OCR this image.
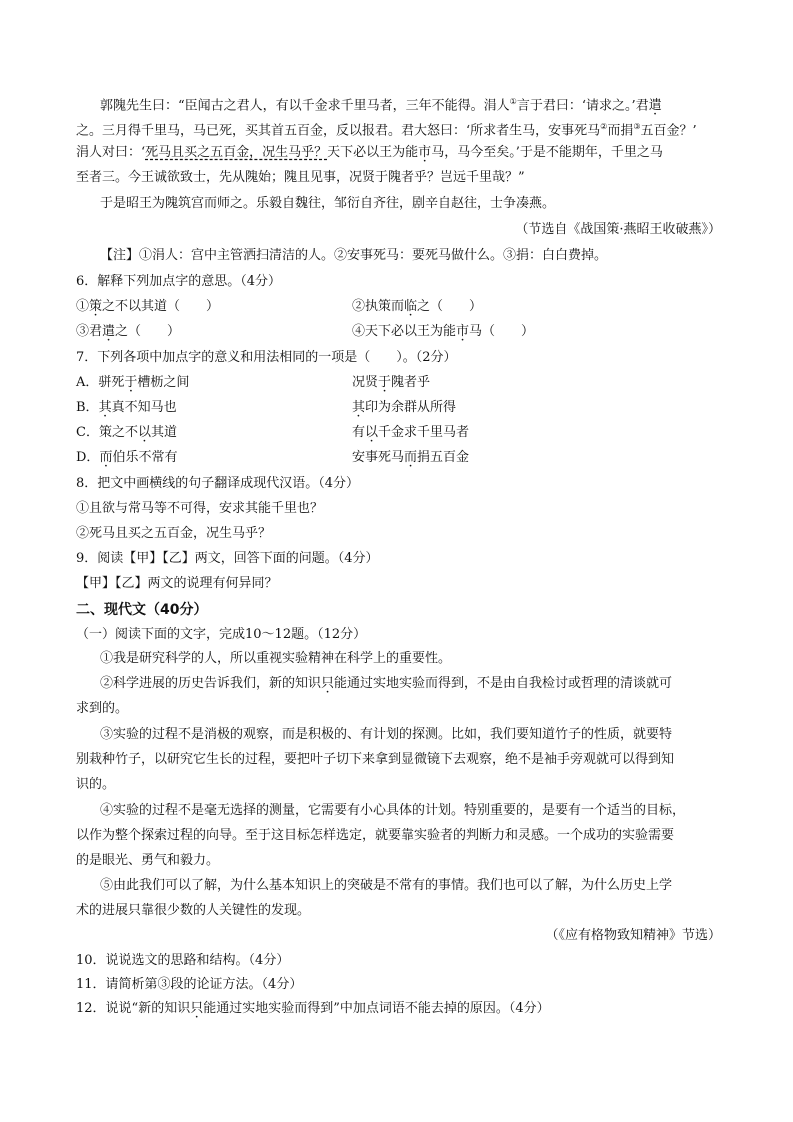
郭隗先生曰：“臣闻古之君人，有以千金求千里马者，三年不能得。涓人①言于君曰：‘请求之。’君遣
之。三月得千里马，马已死，买其首五百金，反以报君。君大怒曰：‘所求者生马，安事死马②而捐③五百金？’
涓人对曰：‘死马且买之五百金，况生马乎？天下必以王为能市马，马今至矣。’于是不能期年，千里之马
至者三。今王诚欲致士，先从隗始；隗且见事，况贤于隗者乎？岂远千里哉？”
于是昭王为隗筑宫而师之。乐毅自魏往，邹衍自齐往，剧辛自赵往，士争凑燕。
（节选自《战国策·燕昭王收破燕》）
【注】①涓人：宫中主管洒扫清洁的人。②安事死马：要死马做什么。③捐：白白费掉。
6．解释下列加点字的意思。（4分）
①策之不以其道（　　）	②执策而临之（　　）
③君遣之（　　）	④天下必以王为能市马（　　）
7．下列各项中加点字的意义和用法相同的一项是（　　）。（2分）
A．骈死于槽枥之间	况贤于隗者乎
B．其真不知马也	其印为余群从所得
C．策之不以其道	有以千金求千里马者
D．而伯乐不常有	安事死马而捐五百金
8．把文中画横线的句子翻译成现代汉语。（4分）
①且欲与常马等不可得，安求其能千里也？
②死马且买之五百金，况生马乎？
9．阅读【甲】【乙】两文，回答下面的问题。（4分）
【甲】【乙】两文的说理有何异同？
二、现代文（40分）
（一）阅读下面的文字，完成10～12题。（12分）
①我是研究科学的人，所以重视实验精神在科学上的重要性。
②科学进展的历史告诉我们，新的知识只能通过实地实验而得到，不是由自我检讨或哲理的清谈就可
求到的。
③实验的过程不是消极的观察，而是积极的、有计划的探测。比如，我们要知道竹子的性质，就要特
别栽种竹子，以研究它生长的过程，要把叶子切下来拿到显微镜下去观察，绝不是袖手旁观就可以得到知
识的。
④实验的过程不是毫无选择的测量，它需要有小心具体的计划。特别重要的，是要有一个适当的目标，
以作为整个探索过程的向导。至于这目标怎样选定，就要靠实验者的判断力和灵感。一个成功的实验需要
的是眼光、勇气和毅力。
⑤由此我们可以了解，为什么基本知识上的突破是不常有的事情。我们也可以了解，为什么历史上学
术的进展只靠很少数的人关键性的发现。
（《应有格物致知精神》节选）
10．说说选文的思路和结构。（4分）
11．请简析第③段的论证方法。（4分）
12．说说“新的知识只能通过实地实验而得到”中加点词语不能去掉的原因。（4分）
